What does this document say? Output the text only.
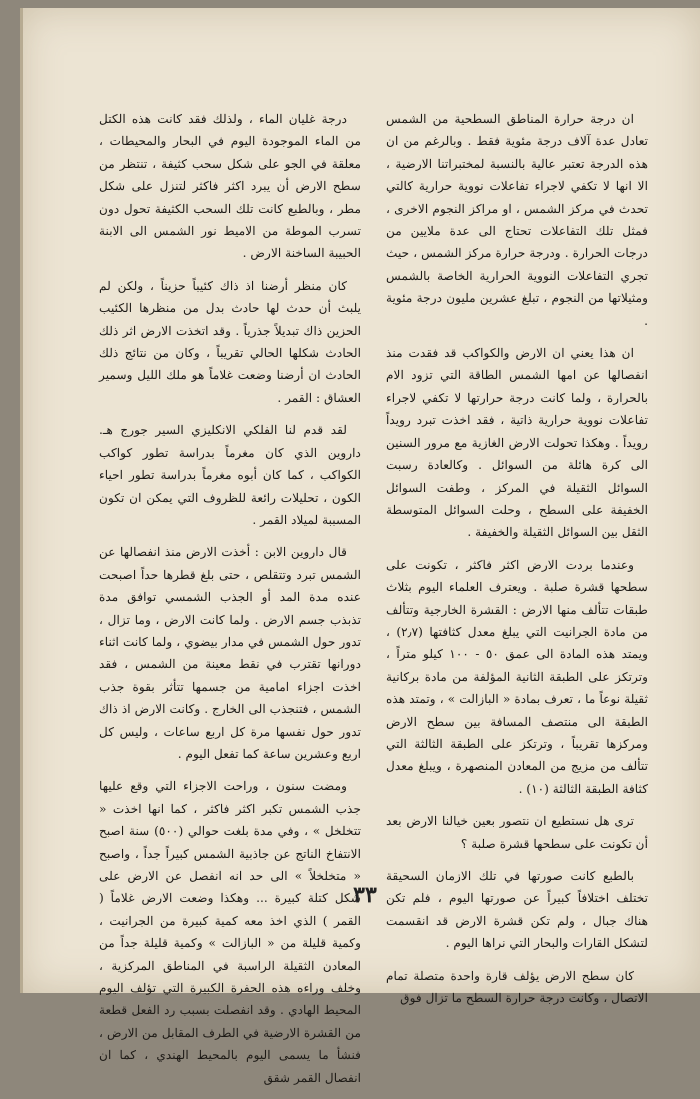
ان درجة حرارة المناطق السطحية من الشمس تعادل عدة آلاف درجة مئوية فقط . وبالرغم من ان هذه الدرجة تعتبر عالية بالنسبة لمختبراتنا الارضية ، الا انها لا تكفي لاجراء تفاعلات نووية حرارية كالتي تحدث في مركز الشمس ، او مراكز النجوم الاخرى ، فمثل تلك التفاعلات تحتاج الى عدة ملايين من درجات الحرارة . ودرجة حرارة مركز الشمس ، حيث تجري التفاعلات النووية الحرارية الخاصة بالشمس ومثيلاتها من النجوم ، تبلغ عشرين مليون درجة مئوية .

ان هذا يعني ان الارض والكواكب قد فقدت منذ انفصالها عن امها الشمس الطاقة التي تزود الام بالحرارة ، ولما كانت درجة حرارتها لا تكفي لاجراء تفاعلات نووية حرارية ذاتية ، فقد اخذت تبرد رويداً رويداً . وهكذا تحولت الارض الغازية مع مرور السنين الى كرة هائلة من السوائل . وكالعادة رسبت السوائل الثقيلة في المركز ، وطفت السوائل الخفيفة على السطح ، وحلت السوائل المتوسطة الثقل بين السوائل الثقيلة والخفيفة .

وعندما بردت الارض اكثر فاكثر ، تكونت على سطحها قشرة صلبة . ويعترف العلماء اليوم بثلاث طبقات تتألف منها الارض : القشرة الخارجية وتتألف من مادة الجرانيت التي يبلغ معدل كثافتها (٢٫٧) ، ويمتد هذه المادة الى عمق ٥٠ - ١٠٠ كيلو متراً ، وترتكز على الطبقة الثانية المؤلفة من مادة بركانية ثقيلة نوعاً ما ، تعرف بمادة « البازالت » ، وتمتد هذه الطبقة الى منتصف المسافة بين سطح الارض ومركزها تقريباً ، وترتكز على الطبقة الثالثة التي تتألف من مزيج من المعادن المنصهرة ، ويبلغ معدل كثافة الطبقة الثالثة (١٠) .

ترى هل نستطيع ان نتصور بعين خيالنا الارض بعد أن تكونت على سطحها قشرة صلبة ؟

بالطبع كانت صورتها في تلك الازمان السحيقة تختلف اختلافاً كبيراً عن صورتها اليوم ، فلم تكن هناك جبال ، ولم تكن قشرة الارض قد انقسمت لتشكل القارات والبحار التي نراها اليوم .

كان سطح الارض يؤلف قارة واحدة متصلة تمام الاتصال ، وكانت درجة حرارة السطح ما تزال فوق

درجة غليان الماء ، ولذلك فقد كانت هذه الكتل من الماء الموجودة اليوم في البحار والمحيطات ، معلقة في الجو على شكل سحب كثيفة ، تنتظر من سطح الارض أن يبرد اكثر فاكثر لتنزل على شكل مطر ، وبالطبع كانت تلك السحب الكثيفة تحول دون تسرب الموطة من الاميط نور الشمس الى الابنة الحبيبة الساخنة الارض .

كان منظر أرضنا اذ ذاك كئيباً حزيناً ، ولكن لم يلبث أن حدث لها حادث بدل من منظرها الكئيب الحزين ذاك تبديلاً جذرياً . وقد اتخذت الارض اثر ذلك الحادث شكلها الحالي تقريباً ، وكان من نتائج ذلك الحادث ان أرضنا وضعت غلاماً هو ملك الليل وسمير العشاق : القمر .

لقد قدم لنا الفلكي الانكليزي السير جورج هـ. داروين الذي كان مغرماً بدراسة تطور كواكب الكواكب ، كما كان أبوه مغرماً بدراسة تطور احياء الكون ، تحليلات رائعة للظروف التي يمكن ان تكون المسببة لميلاد القمر .

قال داروين الابن : أخذت الارض منذ انفصالها عن الشمس تبرد وتتقلص ، حتى بلغ قطرها حداً اصبحت عنده مدة المد أو الجذب الشمسي توافق مدة تذبذب جسم الارض . ولما كانت الارض ، وما تزال ، تدور حول الشمس في مدار بيضوي ، ولما كانت اثناء دورانها تقترب في نقط معينة من الشمس ، فقد اخذت اجزاء امامية من جسمها تتأثر بقوة جذب الشمس ، فتنجذب الى الخارج . وكانت الارض اذ ذاك تدور حول نفسها مرة كل اربع ساعات ، وليس كل اربع وعشرين ساعة كما تفعل اليوم .

ومضت سنون ، وراحت الاجزاء التي وقع عليها جذب الشمس تكبر اكثر فاكثر ، كما انها اخذت « تتخلخل » ، وفي مدة بلغت حوالي (٥٠٠) سنة اصبح الانتفاخ الناتج عن جاذبية الشمس كبيراً جداً ، واصبح « متخلخلاً » الى حد انه انفصل عن الارض على شكل كتلة كبيرة ... وهكذا وضعت الارض غلاماً ( القمر ) الذي اخذ معه كمية كبيرة من الجرانيت ، وكمية قليلة من « البازالت » وكمية قليلة جداً من المعادن الثقيلة الراسبة في المناطق المركزية ، وخلف وراءه هذه الحفرة الكبيرة التي تؤلف اليوم المحيط الهادي . وقد انفصلت بسبب رد الفعل قطعة من القشرة الارضية في الطرف المقابل من الارض ، فنشأ ما يسمى اليوم بالمحيط الهندي ، كما ان انفصال القمر شقق

٣٣
